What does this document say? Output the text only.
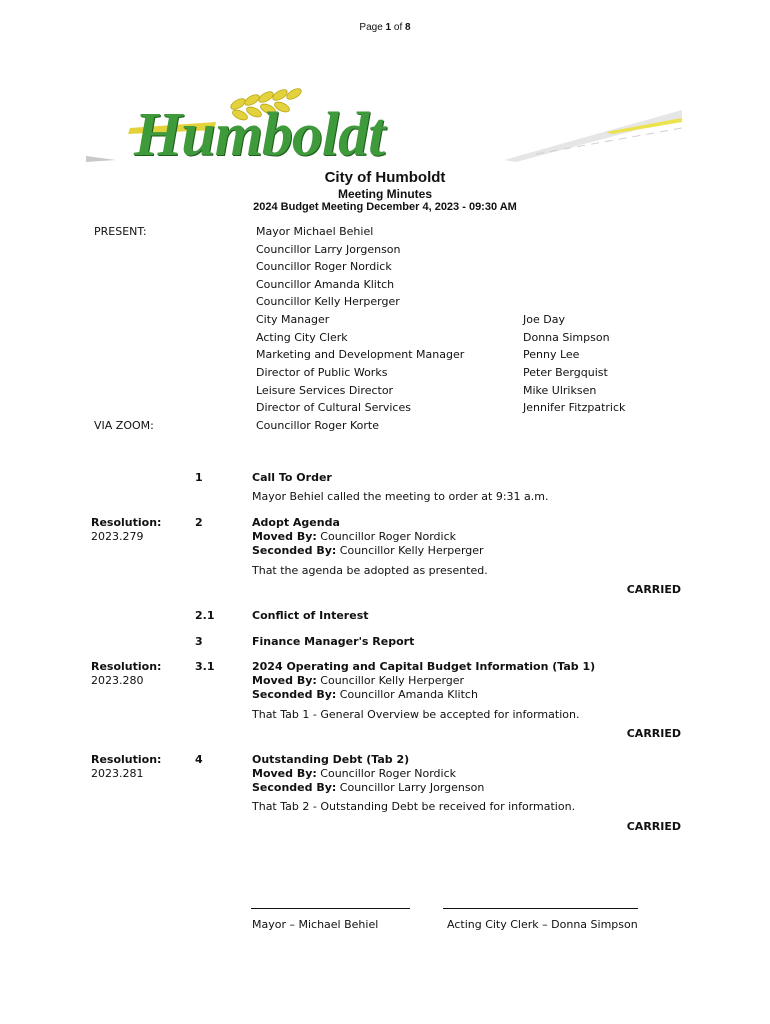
Page 1 of 8
Humboldt
City of Humboldt
Meeting Minutes
2024 Budget Meeting December 4, 2023 - 09:30 AM
PRESENT:	Mayor Michael Behiel
Councillor Larry Jorgenson
Councillor Roger Nordick
Councillor Amanda Klitch
Councillor Kelly Herperger
City Manager	Joe Day
Acting City Clerk	Donna Simpson
Marketing and Development Manager	Penny Lee
Director of Public Works	Peter Bergquist
Leisure Services Director	Mike Ulriksen
Director of Cultural Services	Jennifer Fitzpatrick
VIA ZOOM:	Councillor Roger Korte
1	Call To Order
Mayor Behiel called the meeting to order at 9:31 a.m.
Resolution:
2023.279
2	Adopt Agenda
Moved By: Councillor Roger Nordick
Seconded By: Councillor Kelly Herperger
That the agenda be adopted as presented.
CARRIED
2.1	Conflict of Interest
3	Finance Manager's Report
Resolution:
2023.280
3.1	2024 Operating and Capital Budget Information (Tab 1)
Moved By: Councillor Kelly Herperger
Seconded By: Councillor Amanda Klitch
That Tab 1 - General Overview be accepted for information.
CARRIED
Resolution:
2023.281
4	Outstanding Debt (Tab 2)
Moved By: Councillor Roger Nordick
Seconded By: Councillor Larry Jorgenson
That Tab 2 - Outstanding Debt be received for information.
CARRIED
Mayor – Michael Behiel	Acting City Clerk – Donna Simpson
